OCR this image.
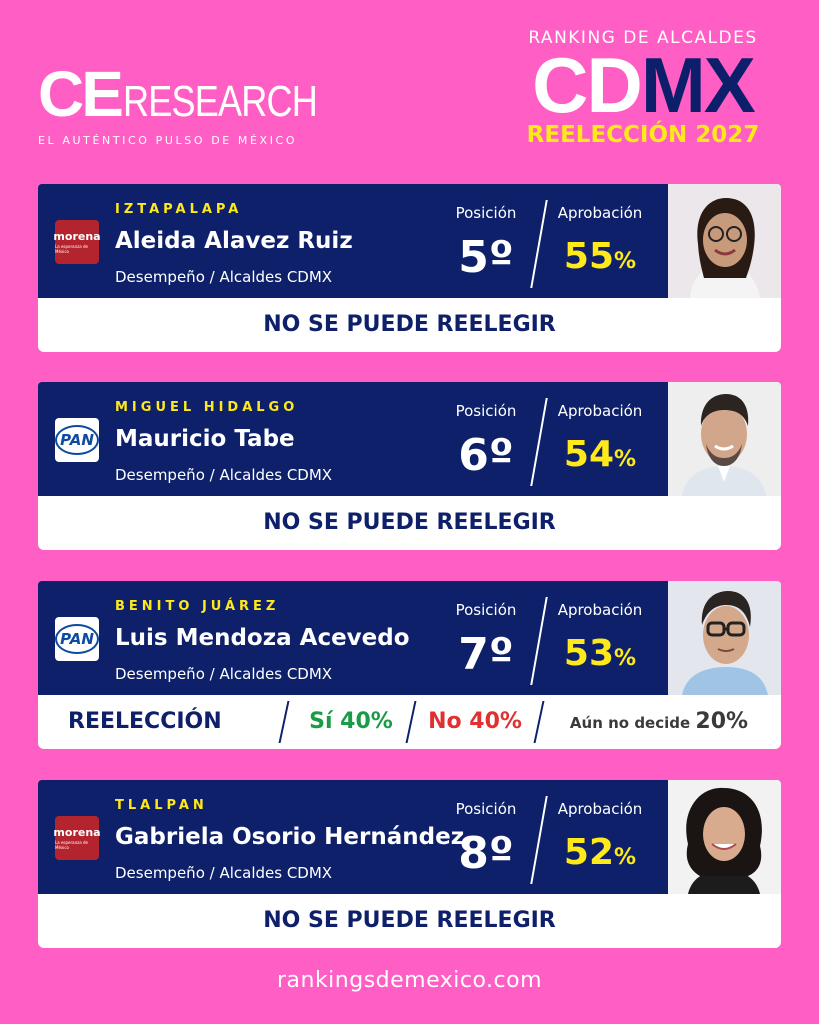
CE RESEARCH
EL AUTÉNTICO PULSO DE MÉXICO
RANKING DE ALCALDES
CDMX
REELECCIÓN 2027
morena
La esperanza de México
IZTAPALAPA
Aleida Alavez Ruiz
Desempeño / Alcaldes CDMX
Posición
5º
Aprobación
55%
NO SE PUEDE REELEGIR
PAN
MIGUEL HIDALGO
Mauricio Tabe
Desempeño / Alcaldes CDMX
Posición
6º
Aprobación
54%
NO SE PUEDE REELEGIR
PAN
BENITO JUÁREZ
Luis Mendoza Acevedo
Desempeño / Alcaldes CDMX
Posición
7º
Aprobación
53%
REELECCIÓN	Sí 40%	No 40%	Aún no decide 20%
morena
La esperanza de México
TLALPAN
Gabriela Osorio Hernández
Desempeño / Alcaldes CDMX
Posición
8º
Aprobación
52%
NO SE PUEDE REELEGIR
rankingsdemexico.com
